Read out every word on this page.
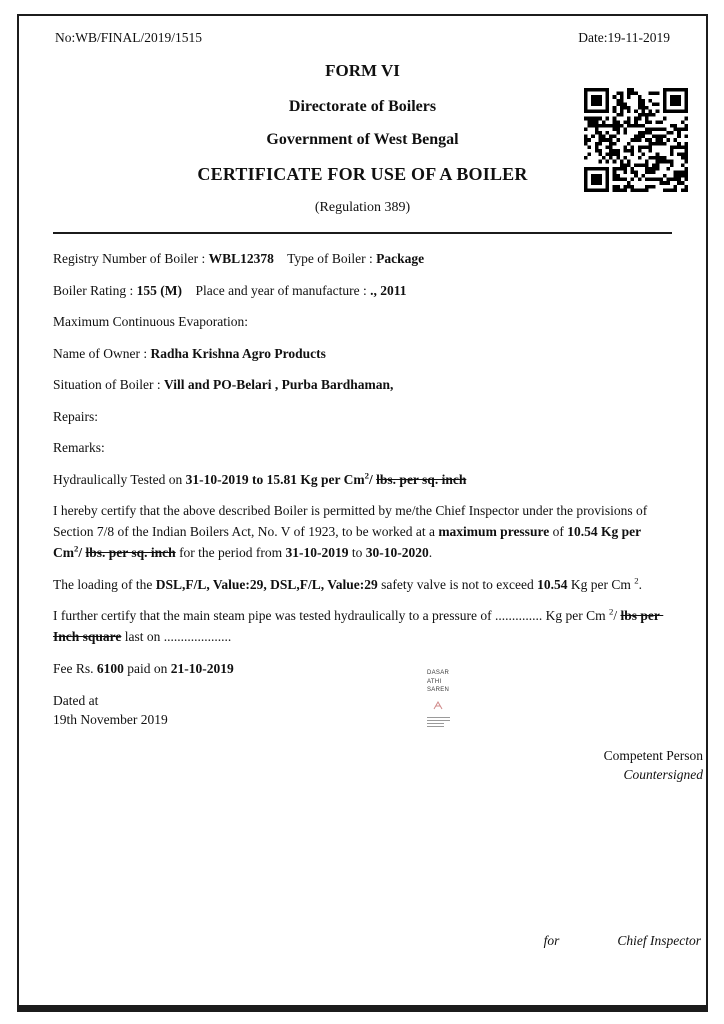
No:WB/FINAL/2019/1515	Date:19-11-2019
FORM VI
Directorate of Boilers
Government of West Bengal
CERTIFICATE FOR USE OF A BOILER
(Regulation 389)
Registry Number of Boiler : WBL12378    Type of Boiler : Package
Boiler Rating : 155 (M)    Place and year of manufacture : ., 2011
Maximum Continuous Evaporation:
Name of Owner : Radha Krishna Agro Products
Situation of Boiler : Vill and PO-Belari , Purba Bardhaman,
Repairs:
Remarks:
Hydraulically Tested on 31-10-2019 to 15.81 Kg per Cm$^2$/ lbs. per sq. inch
I hereby certify that the above described Boiler is permitted by me/the Chief Inspector under the provisions of Section 7/8 of the Indian Boilers Act, No. V of 1923, to be worked at a maximum pressure of 10.54 Kg per Cm$^2$/ lbs. per sq. inch for the period from 31-10-2019 to 30-10-2020.
The loading of the DSL,F/L, Value:29, DSL,F/L, Value:29 safety valve is not to exceed 10.54 Kg per Cm $^2$.
I further certify that the main steam pipe was tested hydraulically to a pressure of .............. Kg per Cm $^2$/ lbs per Inch square last on ....................
Fee Rs. 6100 paid on 21-10-2019
Dated at
19th November 2019
DASAR
ATHI
SAREN
Competent Person
Countersigned
for	Chief Inspector
